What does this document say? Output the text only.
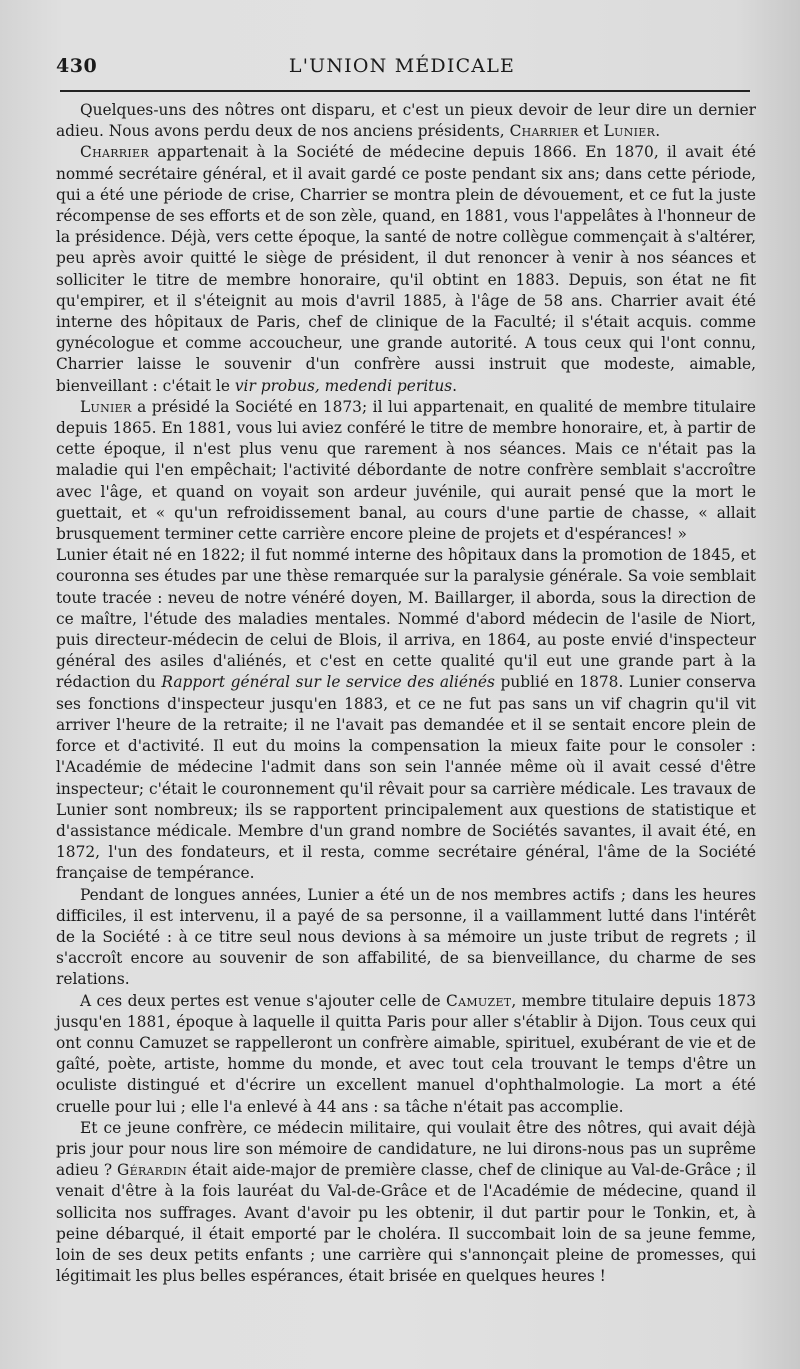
430	L'UNION MÉDICALE

Quelques-uns des nôtres ont disparu, et c'est un pieux devoir de leur dire un dernier adieu. Nous avons perdu deux de nos anciens présidents, Charrier et Lunier.

Charrier appartenait à la Société de médecine depuis 1866. En 1870, il avait été nommé secrétaire général, et il avait gardé ce poste pendant six ans; dans cette période, qui a été une période de crise, Charrier se montra plein de dévouement, et ce fut la juste récompense de ses efforts et de son zèle, quand, en 1881, vous l'appelâtes à l'honneur de la présidence. Déjà, vers cette époque, la santé de notre collègue commençait à s'altérer, peu après avoir quitté le siège de président, il dut renoncer à venir à nos séances et solliciter le titre de membre honoraire, qu'il obtint en 1883. Depuis, son état ne fit qu'empirer, et il s'éteignit au mois d'avril 1885, à l'âge de 58 ans. Charrier avait été interne des hôpitaux de Paris, chef de clinique de la Faculté; il s'était acquis. comme gynécologue et comme accoucheur, une grande autorité. A tous ceux qui l'ont connu, Charrier laisse le souvenir d'un confrère aussi instruit que modeste, aimable, bienveillant : c'était le vir probus, medendi peritus.

Lunier a présidé la Société en 1873; il lui appartenait, en qualité de membre titulaire depuis 1865. En 1881, vous lui aviez conféré le titre de membre honoraire, et, à partir de cette époque, il n'est plus venu que rarement à nos séances. Mais ce n'était pas la maladie qui l'en empêchait; l'activité débordante de notre confrère semblait s'accroître avec l'âge, et quand on voyait son ardeur juvénile, qui aurait pensé que la mort le guettait, et « qu'un refroidissement banal, au cours d'une partie de chasse, « allait brusquement terminer cette carrière encore pleine de projets et d'espérances! »

Lunier était né en 1822; il fut nommé interne des hôpitaux dans la promotion de 1845, et couronna ses études par une thèse remarquée sur la paralysie générale. Sa voie semblait toute tracée : neveu de notre vénéré doyen, M. Baillarger, il aborda, sous la direction de ce maître, l'étude des maladies mentales. Nommé d'abord médecin de l'asile de Niort, puis directeur-médecin de celui de Blois, il arriva, en 1864, au poste envié d'inspecteur général des asiles d'aliénés, et c'est en cette qualité qu'il eut une grande part à la rédaction du Rapport général sur le service des aliénés publié en 1878. Lunier conserva ses fonctions d'inspecteur jusqu'en 1883, et ce ne fut pas sans un vif chagrin qu'il vit arriver l'heure de la retraite; il ne l'avait pas demandée et il se sentait encore plein de force et d'activité. Il eut du moins la compensation la mieux faite pour le consoler : l'Académie de médecine l'admit dans son sein l'année même où il avait cessé d'être inspecteur; c'était le couronnement qu'il rêvait pour sa carrière médicale. Les travaux de Lunier sont nombreux; ils se rapportent principalement aux questions de statistique et d'assistance médicale. Membre d'un grand nombre de Sociétés savantes, il avait été, en 1872, l'un des fondateurs, et il resta, comme secrétaire général, l'âme de la Société française de tempérance.

Pendant de longues années, Lunier a été un de nos membres actifs ; dans les heures difficiles, il est intervenu, il a payé de sa personne, il a vaillamment lutté dans l'intérêt de la Société : à ce titre seul nous devions à sa mémoire un juste tribut de regrets ; il s'accroît encore au souvenir de son affabilité, de sa bienveillance, du charme de ses relations.

A ces deux pertes est venue s'ajouter celle de Camuzet, membre titulaire depuis 1873 jusqu'en 1881, époque à laquelle il quitta Paris pour aller s'établir à Dijon. Tous ceux qui ont connu Camuzet se rappelleront un confrère aimable, spirituel, exubérant de vie et de gaîté, poète, artiste, homme du monde, et avec tout cela trouvant le temps d'être un oculiste distingué et d'écrire un excellent manuel d'ophthalmologie. La mort a été cruelle pour lui ; elle l'a enlevé à 44 ans : sa tâche n'était pas accomplie.

Et ce jeune confrère, ce médecin militaire, qui voulait être des nôtres, qui avait déjà pris jour pour nous lire son mémoire de candidature, ne lui dirons-nous pas un suprême adieu ? Gérardin était aide-major de première classe, chef de clinique au Val-de-Grâce ; il venait d'être à la fois lauréat du Val-de-Grâce et de l'Académie de médecine, quand il sollicita nos suffrages. Avant d'avoir pu les obtenir, il dut partir pour le Tonkin, et, à peine débarqué, il était emporté par le choléra. Il succombait loin de sa jeune femme, loin de ses deux petits enfants ; une carrière qui s'annonçait pleine de promesses, qui légitimait les plus belles espérances, était brisée en quelques heures !
